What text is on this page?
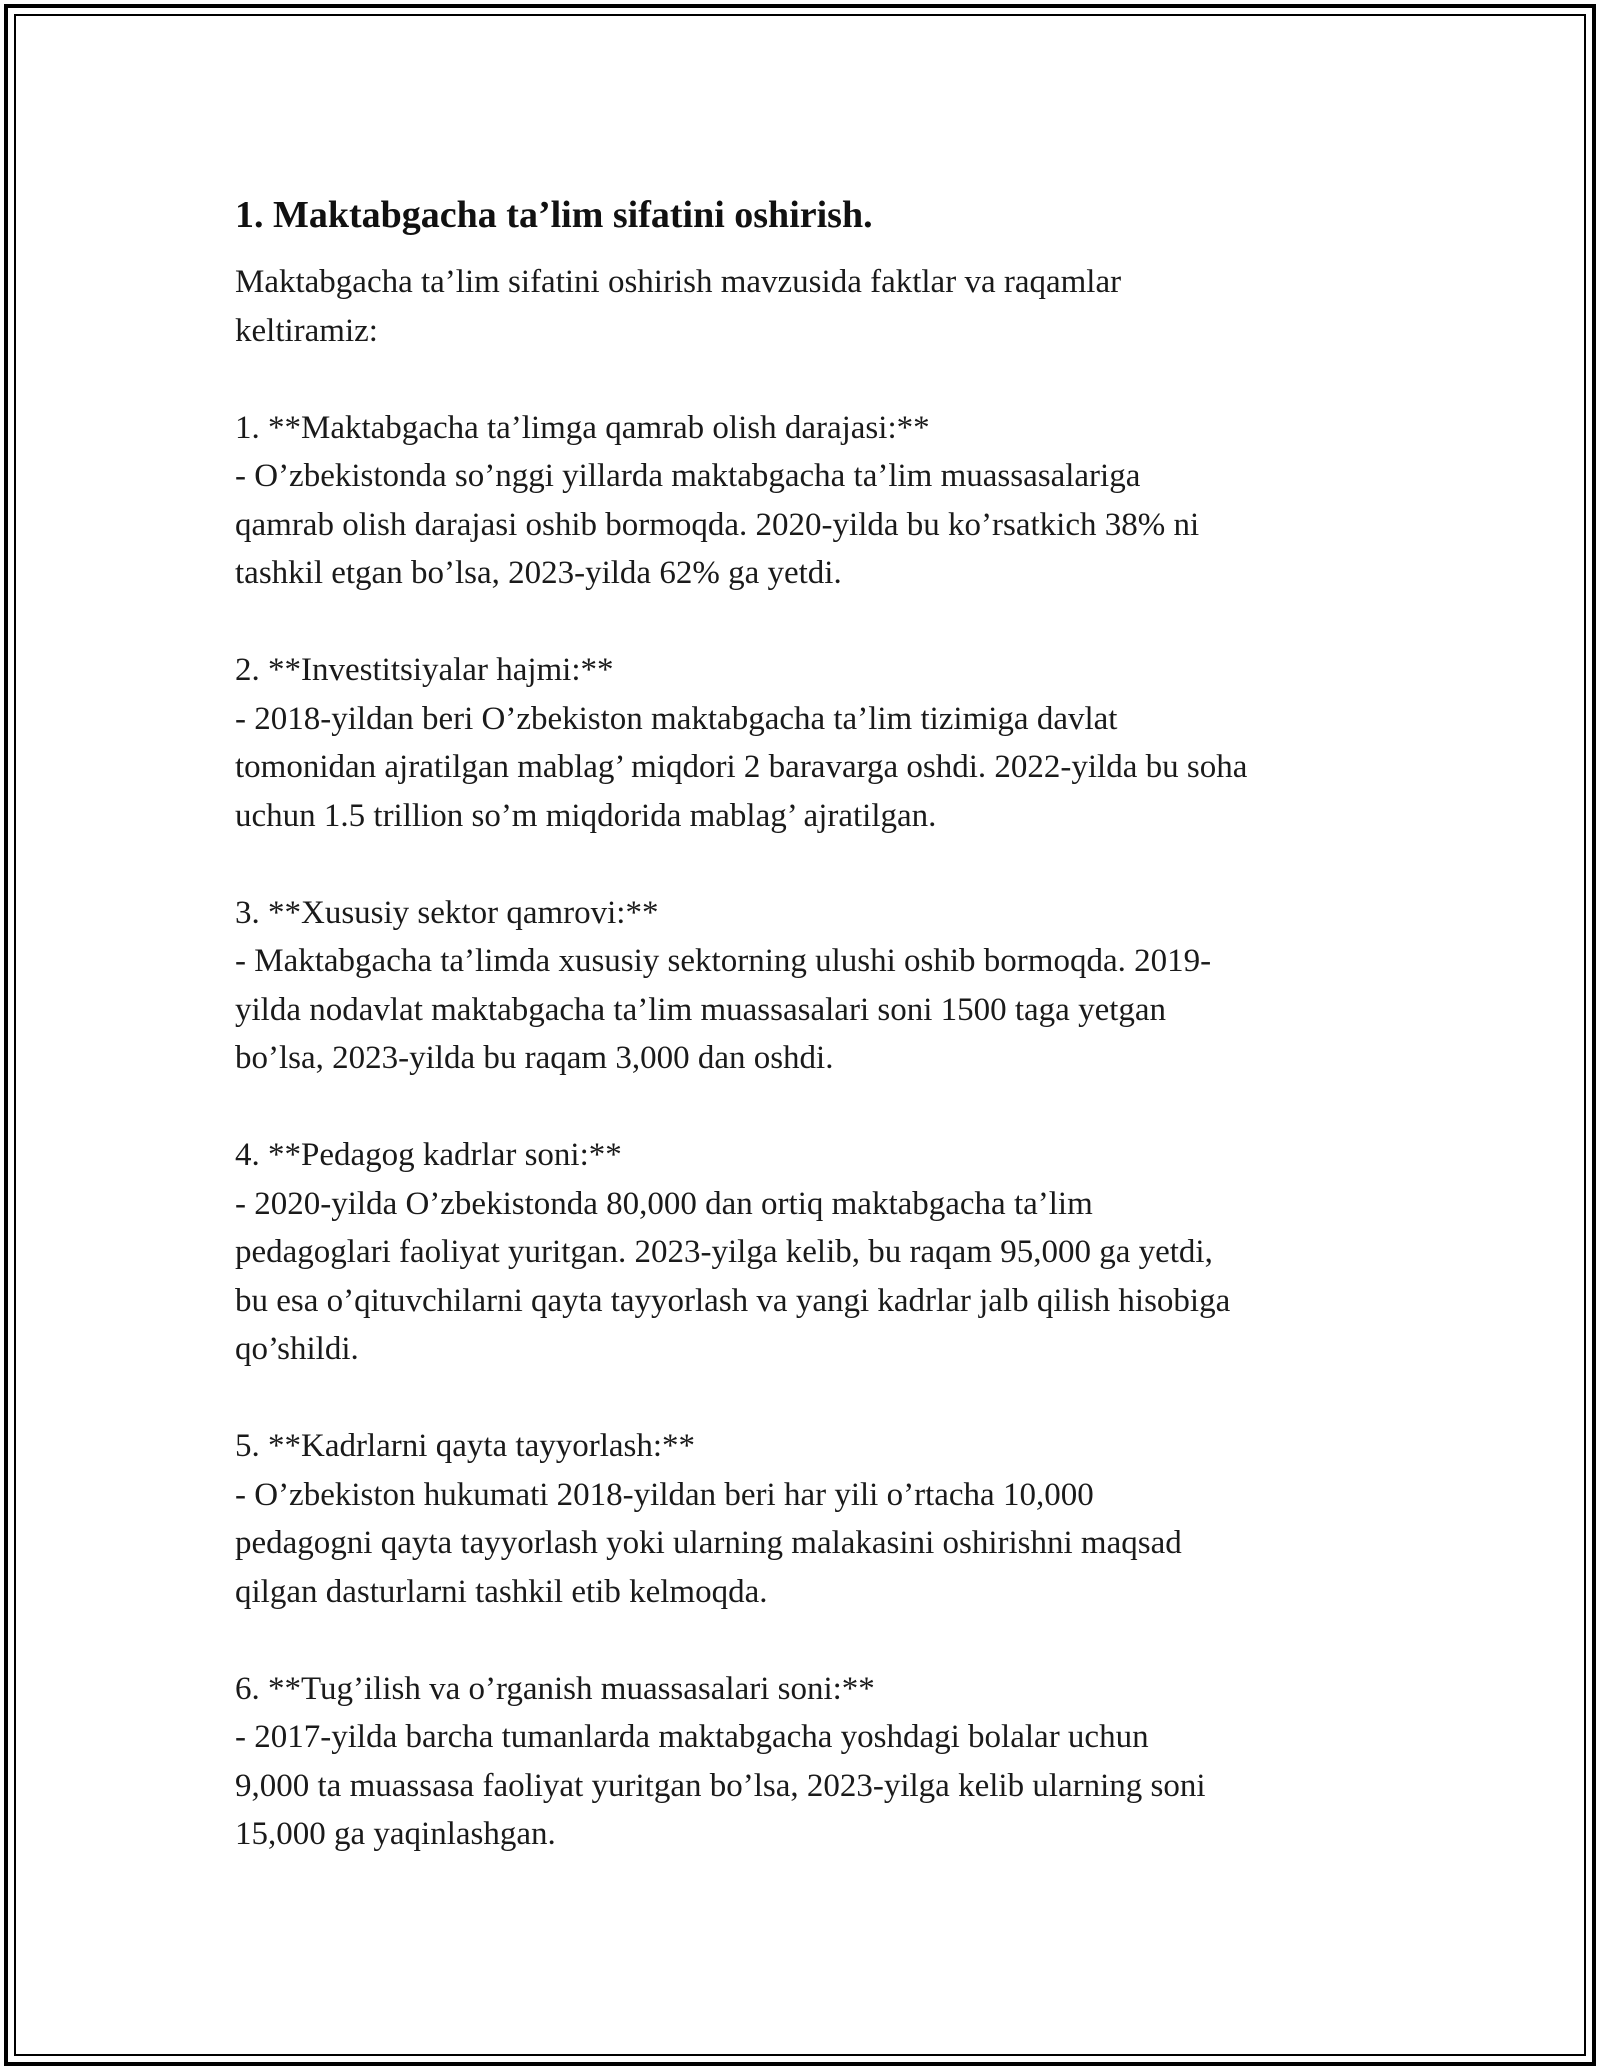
1. Maktabgacha ta’lim sifatini oshirish.

Maktabgacha ta’lim sifatini oshirish mavzusida faktlar va raqamlar
keltiramiz:

1. **Maktabgacha ta’limga qamrab olish darajasi:**

- O’zbekistonda so’nggi yillarda maktabgacha ta’lim muassasalariga
qamrab olish darajasi oshib bormoqda. 2020-yilda bu ko’rsatkich 38% ni
tashkil etgan bo’lsa, 2023-yilda 62% ga yetdi.

2. **Investitsiyalar hajmi:**

- 2018-yildan beri O’zbekiston maktabgacha ta’lim tizimiga davlat
tomonidan ajratilgan mablag’ miqdori 2 baravarga oshdi. 2022-yilda bu soha
uchun 1.5 trillion so’m miqdorida mablag’ ajratilgan.

3. **Xususiy sektor qamrovi:**

- Maktabgacha ta’limda xususiy sektorning ulushi oshib bormoqda. 2019-
yilda nodavlat maktabgacha ta’lim muassasalari soni 1500 taga yetgan
bo’lsa, 2023-yilda bu raqam 3,000 dan oshdi.

4. **Pedagog kadrlar soni:**

- 2020-yilda O’zbekistonda 80,000 dan ortiq maktabgacha ta’lim
pedagoglari faoliyat yuritgan. 2023-yilga kelib, bu raqam 95,000 ga yetdi,
bu esa o’qituvchilarni qayta tayyorlash va yangi kadrlar jalb qilish hisobiga
qo’shildi.

5. **Kadrlarni qayta tayyorlash:**

- O’zbekiston hukumati 2018-yildan beri har yili o’rtacha 10,000
pedagogni qayta tayyorlash yoki ularning malakasini oshirishni maqsad
qilgan dasturlarni tashkil etib kelmoqda.

6. **Tug’ilish va o’rganish muassasalari soni:**

- 2017-yilda barcha tumanlarda maktabgacha yoshdagi bolalar uchun
9,000 ta muassasa faoliyat yuritgan bo’lsa, 2023-yilga kelib ularning soni
15,000 ga yaqinlashgan.
